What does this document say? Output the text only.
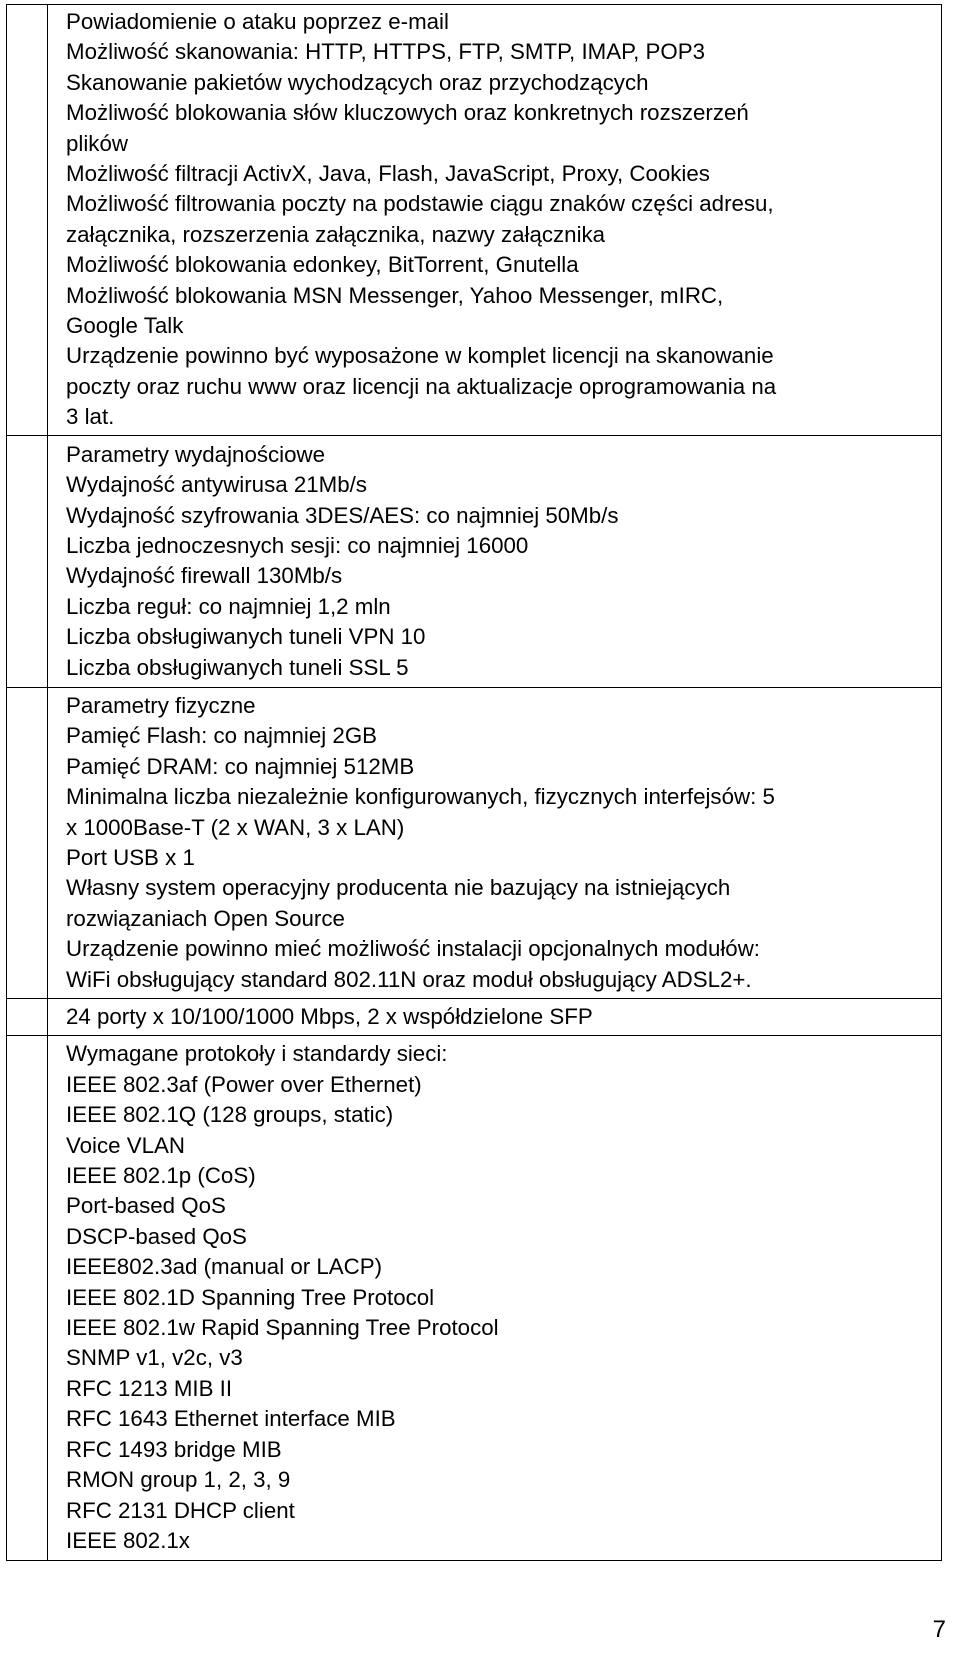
Powiadomienie o ataku poprzez e-mail
Możliwość skanowania: HTTP, HTTPS, FTP, SMTP, IMAP, POP3
Skanowanie pakietów wychodzących oraz przychodzących
Możliwość blokowania słów kluczowych oraz konkretnych rozszerzeń
plików
Możliwość filtracji ActivX, Java, Flash, JavaScript, Proxy, Cookies
Możliwość filtrowania poczty na podstawie ciągu znaków części adresu,
załącznika, rozszerzenia załącznika, nazwy załącznika
Możliwość blokowania edonkey, BitTorrent, Gnutella
Możliwość blokowania MSN Messenger, Yahoo Messenger, mIRC,
Google Talk
Urządzenie powinno być wyposażone w komplet licencji na skanowanie
poczty oraz ruchu www oraz licencji na aktualizacje oprogramowania na
3 lat.
Parametry wydajnościowe
Wydajność antywirusa 21Mb/s
Wydajność szyfrowania 3DES/AES: co najmniej 50Mb/s
Liczba jednoczesnych sesji: co najmniej 16000
Wydajność firewall 130Mb/s
Liczba reguł: co najmniej 1,2 mln
Liczba obsługiwanych tuneli VPN 10
Liczba obsługiwanych tuneli SSL 5
Parametry fizyczne
Pamięć Flash: co najmniej 2GB
Pamięć DRAM: co najmniej 512MB
Minimalna liczba niezależnie konfigurowanych, fizycznych interfejsów: 5
x 1000Base-T (2 x WAN, 3 x LAN)
Port USB x 1
Własny system operacyjny producenta nie bazujący na istniejących
rozwiązaniach Open Source
Urządzenie powinno mieć możliwość instalacji opcjonalnych modułów:
WiFi obsługujący standard 802.11N oraz moduł obsługujący ADSL2+.
24 porty x 10/100/1000 Mbps, 2 x współdzielone SFP
Wymagane protokoły i standardy sieci:
IEEE 802.3af (Power over Ethernet)
IEEE 802.1Q (128 groups, static)
Voice VLAN
IEEE 802.1p (CoS)
Port-based QoS
DSCP-based QoS
IEEE802.3ad (manual or LACP)
IEEE 802.1D Spanning Tree Protocol
IEEE 802.1w Rapid Spanning Tree Protocol
SNMP v1, v2c, v3
RFC 1213 MIB II
RFC 1643 Ethernet interface MIB
RFC 1493 bridge MIB
RMON group 1, 2, 3, 9
RFC 2131 DHCP client
IEEE 802.1x
7
